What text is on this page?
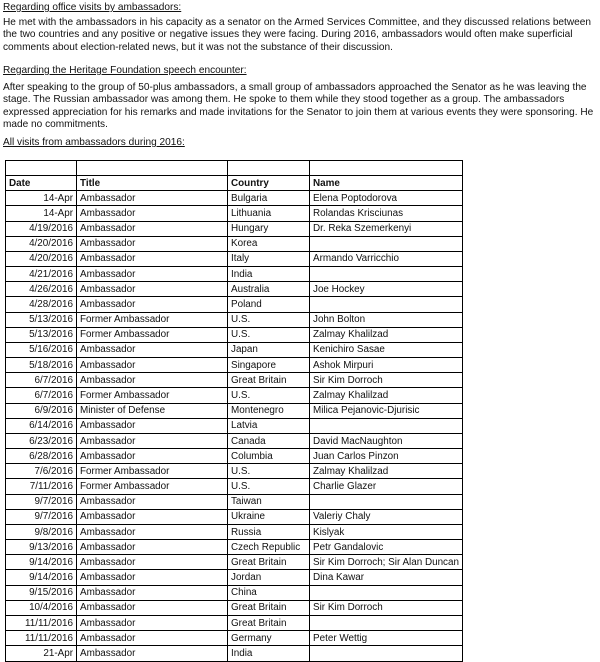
Regarding office visits by ambassadors:

He met with the ambassadors in his capacity as a senator on the Armed Services Committee, and they discussed relations between the two countries and any positive or negative issues they were facing. During 2016, ambassadors would often make superficial comments about election-related news, but it was not the substance of their discussion.

Regarding the Heritage Foundation speech encounter:

After speaking to the group of 50-plus ambassadors, a small group of ambassadors approached the Senator as he was leaving the stage. The Russian ambassador was among them. He spoke to them while they stood together as a group. The ambassadors expressed appreciation for his remarks and made invitations for the Senator to join them at various events they were sponsoring. He made no commitments.

All visits from ambassadors during 2016:

Date	Title	Country	Name
14-Apr	Ambassador	Bulgaria	Elena Poptodorova
14-Apr	Ambassador	Lithuania	Rolandas Krisciunas
4/19/2016	Ambassador	Hungary	Dr. Reka Szemerkenyi
4/20/2016	Ambassador	Korea	
4/20/2016	Ambassador	Italy	Armando Varricchio
4/21/2016	Ambassador	India	
4/26/2016	Ambassador	Australia	Joe Hockey
4/28/2016	Ambassador	Poland	
5/13/2016	Former Ambassador	U.S.	John Bolton
5/13/2016	Former Ambassador	U.S.	Zalmay Khalilzad
5/16/2016	Ambassador	Japan	Kenichiro Sasae
5/18/2016	Ambassador	Singapore	Ashok Mirpuri
6/7/2016	Ambassador	Great Britain	Sir Kim Dorroch
6/7/2016	Former Ambassador	U.S.	Zalmay Khalilzad
6/9/2016	Minister of Defense	Montenegro	Milica Pejanovic-Djurisic
6/14/2016	Ambassador	Latvia	
6/23/2016	Ambassador	Canada	David MacNaughton
6/28/2016	Ambassador	Columbia	Juan Carlos Pinzon
7/6/2016	Former Ambassador	U.S.	Zalmay Khalilzad
7/11/2016	Former Ambassador	U.S.	Charlie Glazer
9/7/2016	Ambassador	Taiwan	
9/7/2016	Ambassador	Ukraine	Valeriy Chaly
9/8/2016	Ambassador	Russia	Kislyak
9/13/2016	Ambassador	Czech Republic	Petr Gandalovic
9/14/2016	Ambassador	Great Britain	Sir Kim Dorroch; Sir Alan Duncan
9/14/2016	Ambassador	Jordan	Dina Kawar
9/15/2016	Ambassador	China	
10/4/2016	Ambassador	Great Britain	Sir Kim Dorroch
11/11/2016	Ambassador	Great Britain	
11/11/2016	Ambassador	Germany	Peter Wettig
21-Apr	Ambassador	India	
